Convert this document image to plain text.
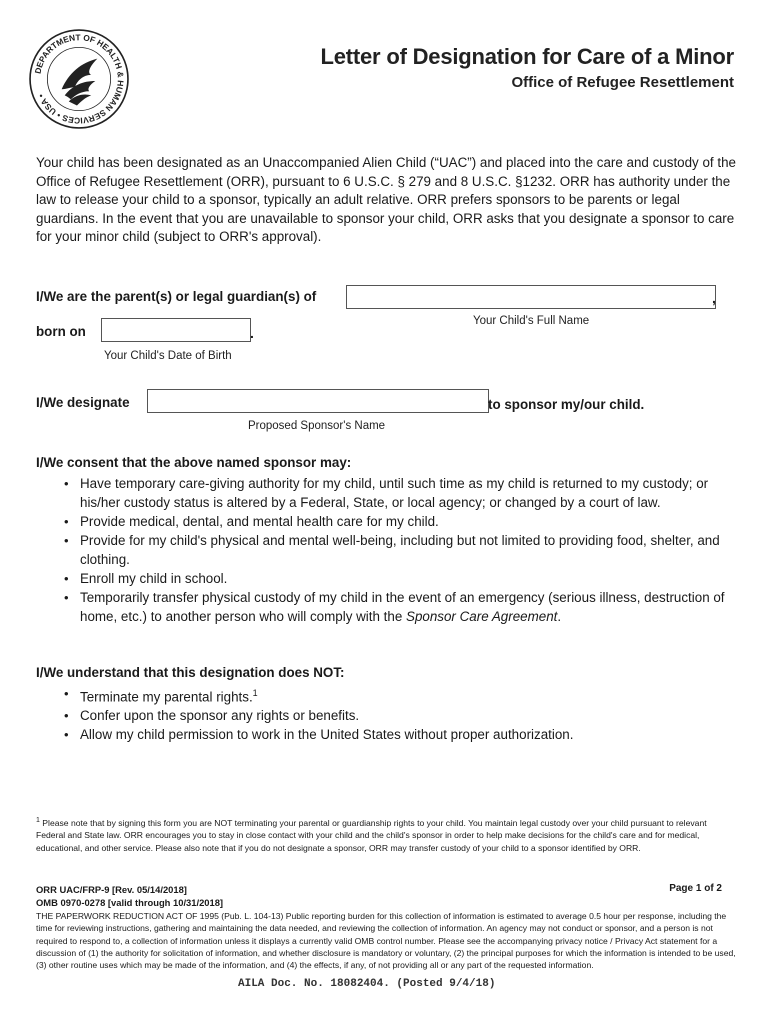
DEPARTMENT OF HEALTH & HUMAN SERVICES • USA •
Letter of Designation for Care of a Minor
Office of Refugee Resettlement
Your child has been designated as an Unaccompanied Alien Child (“UAC”) and placed into the care and custody of the Office of Refugee Resettlement (ORR), pursuant to 6 U.S.C. § 279 and 8 U.S.C. §1232. ORR has authority under the law to release your child to a sponsor, typically an adult relative. ORR prefers sponsors to be parents or legal guardians. In the event that you are unavailable to sponsor your child, ORR asks that you designate a sponsor to care for your minor child (subject to ORR's approval).
I/We are the parent(s) or legal guardian(s) of	,
Your Child's Full Name
born on	.
Your Child's Date of Birth
I/We designate	to sponsor my/our child.
Proposed Sponsor's Name
I/We consent that the above named sponsor may:
• Have temporary care-giving authority for my child, until such time as my child is returned to my custody; or his/her custody status is altered by a Federal, State, or local agency; or changed by a court of law.
• Provide medical, dental, and mental health care for my child.
• Provide for my child's physical and mental well-being, including but not limited to providing food, shelter, and clothing.
• Enroll my child in school.
• Temporarily transfer physical custody of my child in the event of an emergency (serious illness, destruction of home, etc.) to another person who will comply with the Sponsor Care Agreement.
I/We understand that this designation does NOT:
• Terminate my parental rights.$^1$
• Confer upon the sponsor any rights or benefits.
• Allow my child permission to work in the United States without proper authorization.
$^1$ Please note that by signing this form you are NOT terminating your parental or guardianship rights to your child. You maintain legal custody over your child pursuant to relevant Federal and State law. ORR encourages you to stay in close contact with your child and the child's sponsor in order to help make decisions for the child's care and for medical, educational, and other service. Please also note that if you do not designate a sponsor, ORR may transfer custody of your child to a sponsor identified by ORR.
ORR UAC/FRP-9 [Rev. 05/14/2018]
OMB 0970-0278 [valid through 10/31/2018]
Page 1 of 2
THE PAPERWORK REDUCTION ACT OF 1995 (Pub. L. 104-13) Public reporting burden for this collection of information is estimated to average 0.5 hour per response, including the time for reviewing instructions, gathering and maintaining the data needed, and reviewing the collection of information. An agency may not conduct or sponsor, and a person is not required to respond to, a collection of information unless it displays a currently valid OMB control number. Please see the accompanying privacy notice / Privacy Act statement for a discussion of (1) the authority for solicitation of information, and whether disclosure is mandatory or voluntary, (2) the principal purposes for which the information is intended to be used, (3) other routine uses which may be made of the information, and (4) the effects, if any, of not providing all or any part of the requested information.
AILA Doc. No. 18082404. (Posted 9/4/18)
